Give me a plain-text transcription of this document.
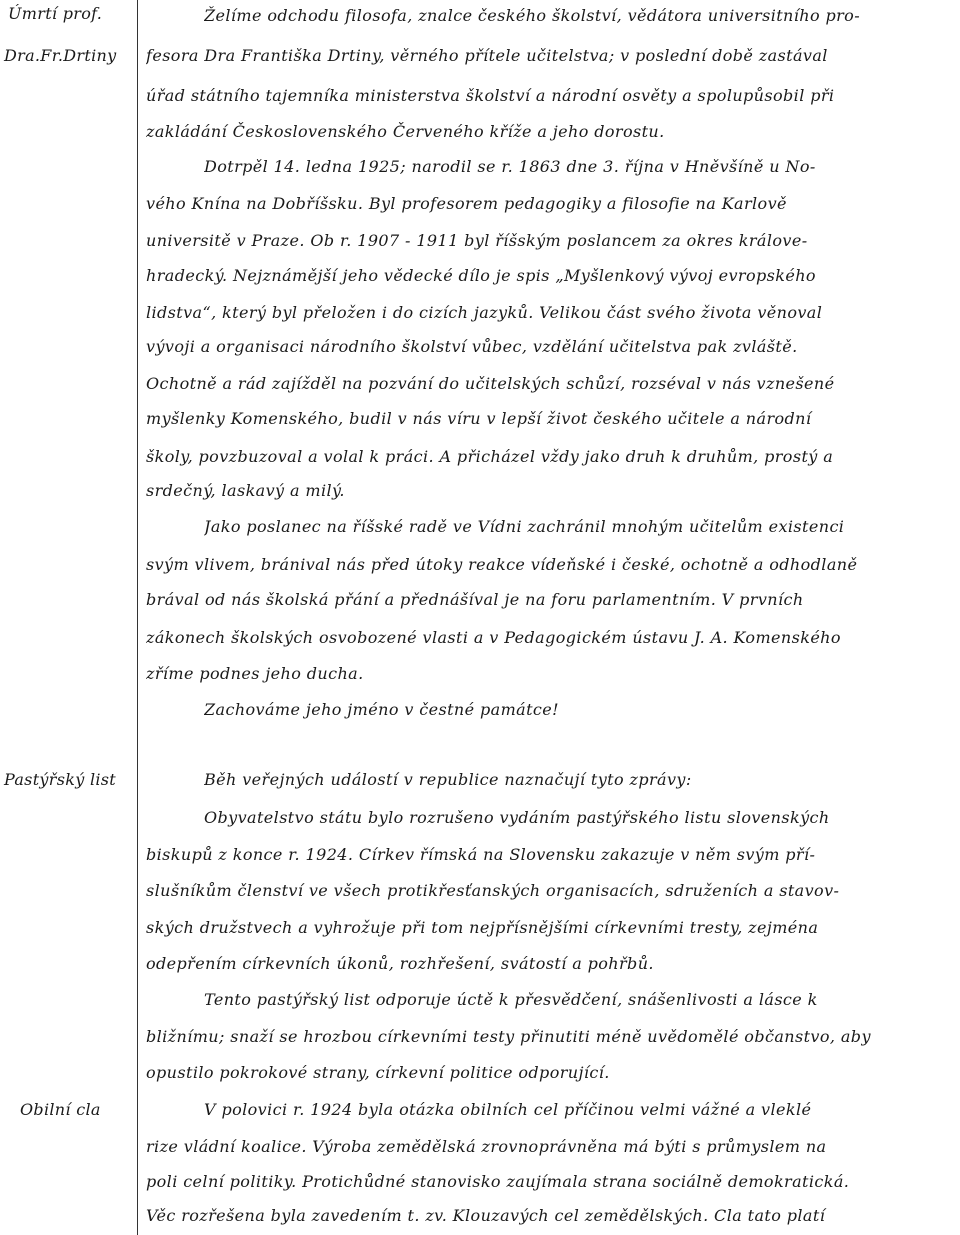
Úmrtí prof.
Dra.Fr.Drtiny
Pastýřský list
Obilní cla
Želíme odchodu filosofa, znalce českého školství, vědátora universitního pro-
fesora Dra Františka Drtiny, věrného přítele učitelstva; v poslední době zastával
úřad státního tajemníka ministerstva školství a národní osvěty a spolupůsobil při
zakládání Československého Červeného kříže a jeho dorostu.
Dotrpěl 14. ledna 1925; narodil se r. 1863 dne 3. října v Hněvšíně u No-
vého Knína na Dobříšsku. Byl profesorem pedagogiky a filosofie na Karlově
universitě v Praze. Ob r. 1907 - 1911 byl říšským poslancem za okres králove-
hradecký. Nejznámější jeho vědecké dílo je spis „Myšlenkový vývoj evropského
lidstva“, který byl přeložen i do cizích jazyků. Velikou část svého života věnoval
vývoji a organisaci národního školství vůbec, vzdělání učitelstva pak zvláště.
Ochotně a rád zajížděl na pozvání do učitelských schůzí, rozséval v nás vznešené
myšlenky Komenského, budil v nás víru v lepší život českého učitele a národní
školy, povzbuzoval a volal k práci. A přicházel vždy jako druh k druhům, prostý a
srdečný, laskavý a milý.
Jako poslanec na říšské radě ve Vídni zachránil mnohým učitelům existenci
svým vlivem, bránival nás před útoky reakce vídeňské i české, ochotně a odhodlaně
brával od nás školská přání a přednášíval je na foru parlamentním. V prvních
zákonech školských osvobozené vlasti a v Pedagogickém ústavu J. A. Komenského
zříme podnes jeho ducha.
Zachováme jeho jméno v čestné památce!
Běh veřejných událostí v republice naznačují tyto zprávy:
Obyvatelstvo státu bylo rozrušeno vydáním pastýřského listu slovenských
biskupů z konce r. 1924. Církev římská na Slovensku zakazuje v něm svým pří-
slušníkům členství ve všech protikřesťanských organisacích, sdruženích a stavov-
ských družstvech a vyhrožuje při tom nejpřísnějšími církevními tresty, zejména
odepřením církevních úkonů, rozhřešení, svátostí a pohřbů.
Tento pastýřský list odporuje úctě k přesvědčení, snášenlivosti a lásce k
bližnímu; snaží se hrozbou církevními testy přinutiti méně uvědomělé občanstvo, aby
opustilo pokrokové strany, církevní politice odporující.
V polovici r. 1924 byla otázka obilních cel příčinou velmi vážné a vleklé
rize vládní koalice. Výroba zemědělská zrovnoprávněna má býti s průmyslem na
poli celní politiky. Protichůdné stanovisko zaujímala strana sociálně demokratická.
Věc rozřešena byla zavedením t. zv. Klouzavých cel zemědělských. Cla tato platí
